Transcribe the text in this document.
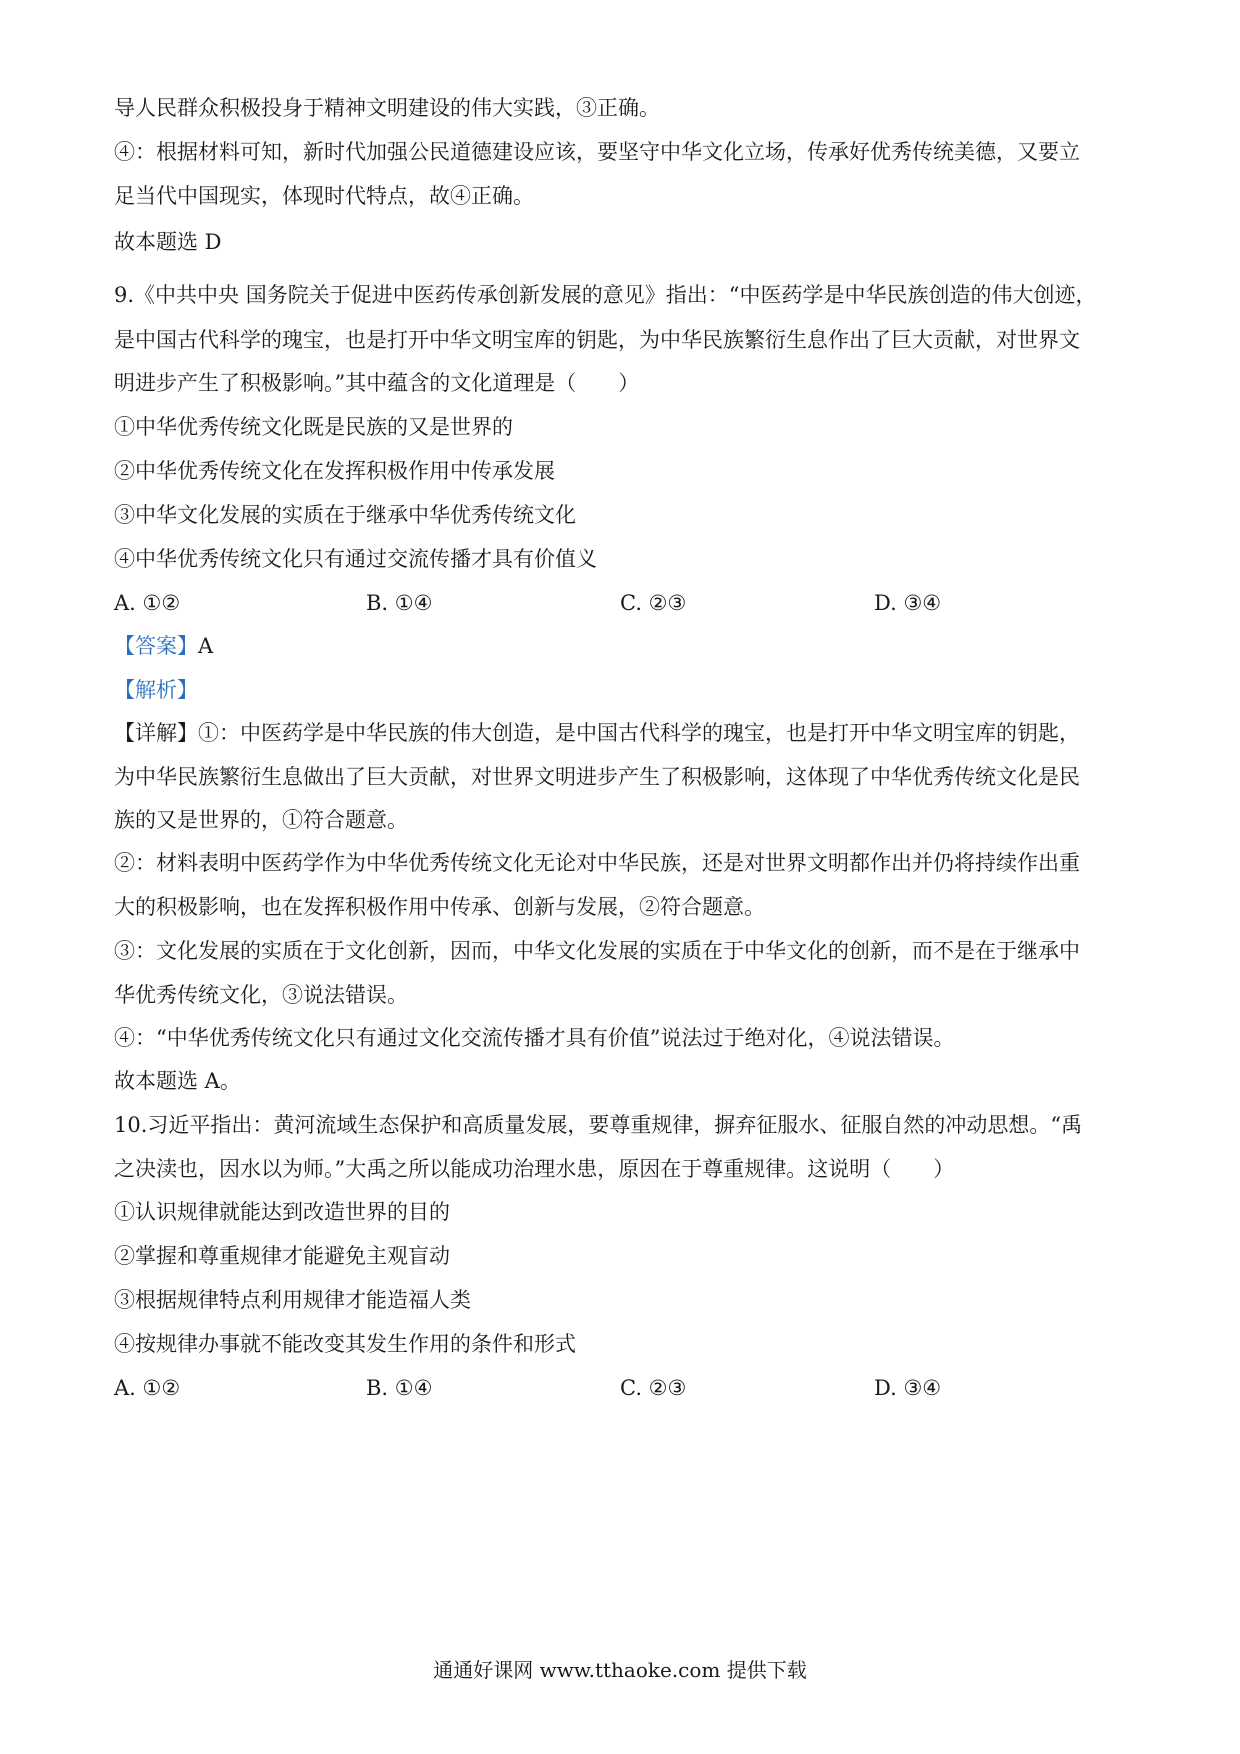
导人民群众积极投身于精神文明建设的伟大实践，③正确。
④：根据材料可知，新时代加强公民道德建设应该，要坚守中华文化立场，传承好优秀传统美德，又要立
足当代中国现实，体现时代特点，故④正确。
故本题选 D
9.《中共中央 国务院关于促进中医药传承创新发展的意见》指出：“中医药学是中华民族创造的伟大创迹，
是中国古代科学的瑰宝，也是打开中华文明宝库的钥匙，为中华民族繁衍生息作出了巨大贡献，对世界文
明进步产生了积极影响。”其中蕴含的文化道理是（　　）
①中华优秀传统文化既是民族的又是世界的
②中华优秀传统文化在发挥积极作用中传承发展
③中华文化发展的实质在于继承中华优秀传统文化
④中华优秀传统文化只有通过交流传播才具有价值义
A. ①②	B. ①④	C. ②③	D. ③④
【答案】A
【解析】
【详解】①：中医药学是中华民族的伟大创造，是中国古代科学的瑰宝，也是打开中华文明宝库的钥匙，
为中华民族繁衍生息做出了巨大贡献，对世界文明进步产生了积极影响，这体现了中华优秀传统文化是民
族的又是世界的，①符合题意。
②：材料表明中医药学作为中华优秀传统文化无论对中华民族，还是对世界文明都作出并仍将持续作出重
大的积极影响，也在发挥积极作用中传承、创新与发展，②符合题意。
③：文化发展的实质在于文化创新，因而，中华文化发展的实质在于中华文化的创新，而不是在于继承中
华优秀传统文化，③说法错误。
④：“中华优秀传统文化只有通过文化交流传播才具有价值”说法过于绝对化，④说法错误。
故本题选 A。
10.习近平指出：黄河流域生态保护和高质量发展，要尊重规律，摒弃征服水、征服自然的冲动思想。“禹
之决渎也，因水以为师。”大禹之所以能成功治理水患，原因在于尊重规律。这说明（　　）
①认识规律就能达到改造世界的目的
②掌握和尊重规律才能避免主观盲动
③根据规律特点利用规律才能造福人类
④按规律办事就不能改变其发生作用的条件和形式
A. ①②	B. ①④	C. ②③	D. ③④
通通好课网 www.tthaoke.com 提供下载
